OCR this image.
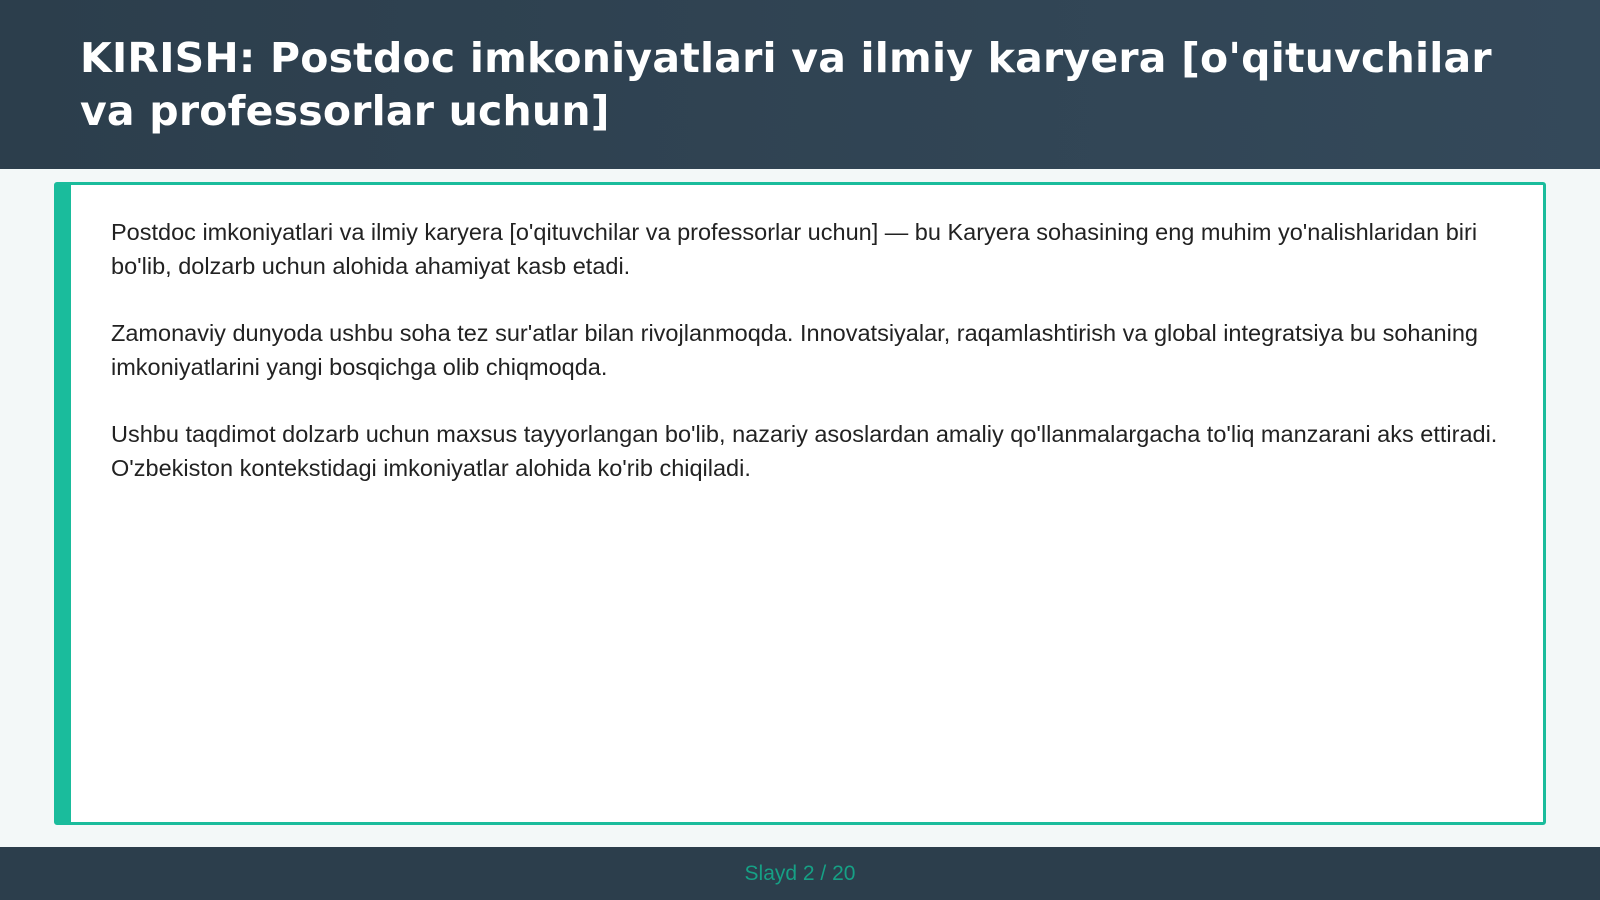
KIRISH: Postdoc imkoniyatlari va ilmiy karyera [o'qituvchilar va professorlar uchun]

Postdoc imkoniyatlari va ilmiy karyera [o'qituvchilar va professorlar uchun] — bu Karyera sohasining eng muhim yo'nalishlaridan biri bo'lib, dolzarb uchun alohida ahamiyat kasb etadi.

Zamonaviy dunyoda ushbu soha tez sur'atlar bilan rivojlanmoqda. Innovatsiyalar, raqamlashtirish va global integratsiya bu sohaning imkoniyatlarini yangi bosqichga olib chiqmoqda.

Ushbu taqdimot dolzarb uchun maxsus tayyorlangan bo'lib, nazariy asoslardan amaliy qo'llanmalargacha to'liq manzarani aks ettiradi. O'zbekiston kontekstidagi imkoniyatlar alohida ko'rib chiqiladi.

Slayd 2 / 20
